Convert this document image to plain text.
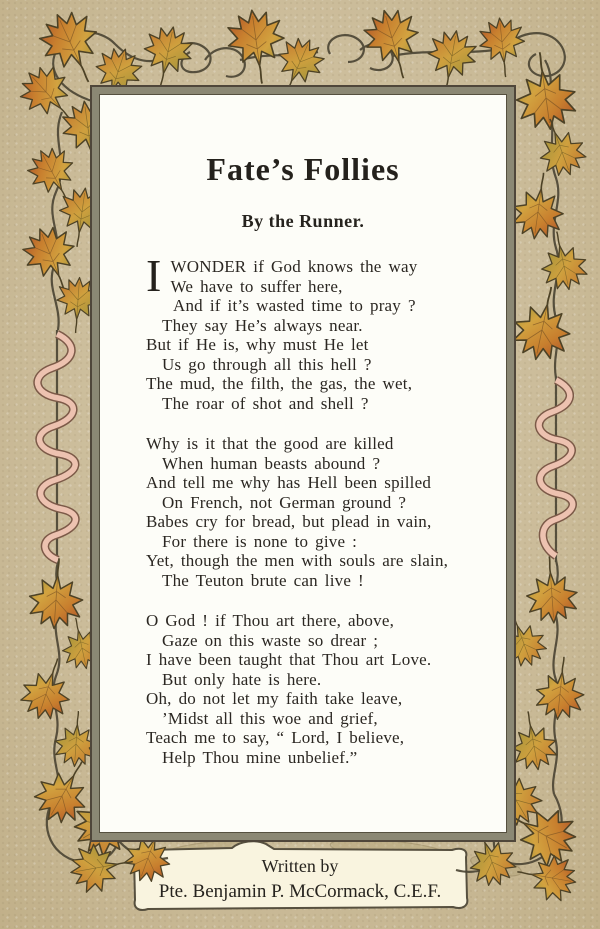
Fate’s Follies
By the Runner.
I WONDER if God knows the way
We have to suffer here,
And if it’s wasted time to pray ?
They say He’s always near.
But if He is, why must He let
Us go through all this hell ?
The mud, the filth, the gas, the wet,
The roar of shot and shell ?
Why is it that the good are killed
When human beasts abound ?
And tell me why has Hell been spilled
On French, not German ground ?
Babes cry for bread, but plead in vain,
For there is none to give :
Yet, though the men with souls are slain,
The Teuton brute can live !
O God ! if Thou art there, above,
Gaze on this waste so drear ;
I have been taught that Thou art Love.
But only hate is here.
Oh, do not let my faith take leave,
’Midst all this woe and grief,
Teach me to say, “ Lord, I believe,
Help Thou mine unbelief.”
Written by
Pte. Benjamin P. McCormack, C.E.F.
